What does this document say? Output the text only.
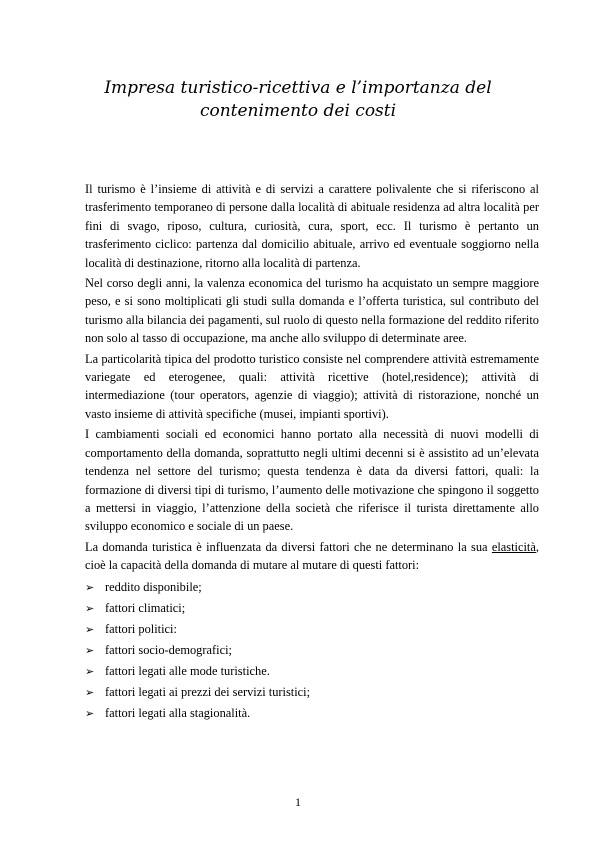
Impresa turistico-ricettiva e l’importanza del
contenimento dei costi

Il turismo è l’insieme di attività e di servizi a carattere polivalente che si riferiscono al trasferimento temporaneo di persone dalla località di abituale residenza ad altra località per fini di svago, riposo, cultura, curiosità, cura, sport, ecc. Il turismo è pertanto un trasferimento ciclico: partenza dal domicilio abituale, arrivo ed eventuale soggiorno nella località di destinazione, ritorno alla località di partenza.

Nel corso degli anni, la valenza economica del turismo ha acquistato un sempre maggiore peso, e si sono moltiplicati gli studi sulla domanda e l’offerta turistica, sul contributo del turismo alla bilancia dei pagamenti, sul ruolo di questo nella formazione del reddito riferito non solo al tasso di occupazione, ma anche allo sviluppo di determinate aree.

La particolarità tipica del prodotto turistico consiste nel comprendere attività estremamente variegate ed eterogenee, quali: attività ricettive (hotel,residence); attività di intermediazione (tour operators, agenzie di viaggio); attività di ristorazione, nonché un vasto insieme di attività specifiche (musei, impianti sportivi).

I cambiamenti sociali ed economici hanno portato alla necessità di nuovi modelli di comportamento della domanda, soprattutto negli ultimi decenni si è assistito ad un’elevata tendenza nel settore del turismo; questa tendenza è data da diversi fattori, quali: la formazione di diversi tipi di turismo, l’aumento delle motivazione che spingono il soggetto a mettersi in viaggio, l’attenzione della società che riferisce il turista direttamente allo sviluppo economico e sociale di un paese.

La domanda turistica è influenzata da diversi fattori che ne determinano la sua elasticità, cioè la capacità della domanda di mutare al mutare di questi fattori:

➢ reddito disponibile;
➢ fattori climatici;
➢ fattori politici:
➢ fattori socio-demografici;
➢ fattori legati alle mode turistiche.
➢ fattori legati ai prezzi dei servizi turistici;
➢ fattori legati alla stagionalità.
1
